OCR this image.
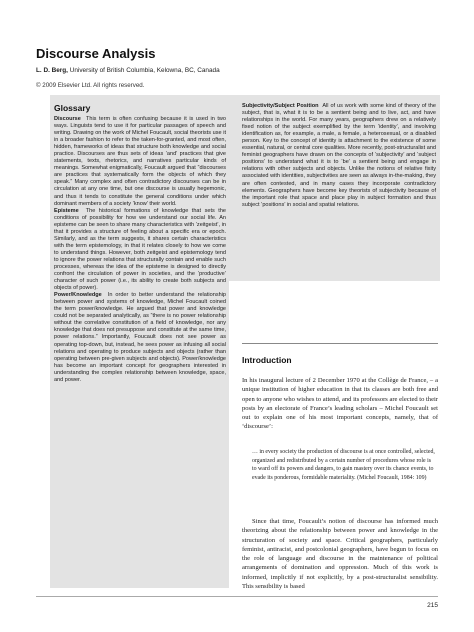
Discourse Analysis
L. D. Berg, University of British Columbia, Kelowna, BC, Canada
© 2009 Elsevier Ltd. All rights reserved.
Glossary

Discourse This term is often confusing because it is used in two ways. Linguists tend to use it for particular passages of speech and writing. Drawing on the work of Michel Foucault, social theorists use it in a broader fashion to refer to the taken-for-granted, and most often, hidden, frameworks of ideas that structure both knowledge and social practice. Discourses are thus sets of ideas ‘and’ practices that give statements, texts, rhetorics, and narratives particular kinds of meanings. Somewhat enigmatically, Foucault argued that “discourses are practices that systematically form the objects of which they speak.” Many complex and often contradictory discourses can be in circulation at any one time, but one discourse is usually hegemonic, and thus it tends to constitute the general conditions under which dominant members of a society ‘know’ their world.

Episteme The historical formations of knowledge that sets the conditions of possibility for how we understand our social life. An episteme can be seen to share many characteristics with ‘zeitgeist’, in that it provides a structure of feeling about a specific era or epoch. Similarly, and as the term suggests, it shares certain characteristics with the term epistemology, in that it relates closely to how we come to understand things. However, both zeitgeist and epistemology tend to ignore the power relations that structurally contain and enable such processes, whereas the idea of the episteme is designed to directly confront the circulation of power in societies, and the ‘productive’ character of such power (i.e., its ability to create both subjects and objects of power).

Power/Knowledge In order to better understand the relationship between power and systems of knowledge, Michel Foucault coined the term power/knowledge. He argued that power and knowledge could not be separated analytically, as “there is no power relationship without the correlative constitution of a field of knowledge, nor any knowledge that does not presuppose and constitute at the same time, power relations.” Importantly, Foucault does not see power as operating top-down, but, instead, he sees power as infusing all social relations and operating to produce subjects and objects (rather than operating between pre-given subjects and objects). Power/knowledge has become an important concept for geographers interested in understanding the complex relationship between knowledge, space, and power.

Subjectivity/Subject Position All of us work with some kind of theory of the subject, that is, what it is to be a sentient being and to live, act, and have relationships in the world. For many years, geographers drew on a relatively fixed notion of the subject exemplified by the term ‘identity’, and involving identification as, for example, a male, a female, a heterosexual, or a disabled person. Key to the concept of identity is attachment to the existence of some essential, natural, or central core qualities. More recently, post-structuralist and feminist geographers have drawn on the concepts of ‘subjectivity’ and ‘subject positions’ to understand what it is to ‘be’ a sentient being and engage in relations with other subjects and objects. Unlike the notions of relative fixity associated with identities, subjectivities are seen as always in-the-making, they are often contested, and in many cases they incorporate contradictory elements. Geographers have become key theorists of subjectivity because of the important role that space and place play in subject formation and thus subject ‘positions’ in social and spatial relations.

Introduction

In his inaugural lecture of 2 December 1970 at the Collège de France, – a unique institution of higher education in that its classes are both free and open to anyone who wishes to attend, and its professors are elected to their posts by an electorate of France’s leading scholars – Michel Foucault set out to explain one of his most important concepts, namely, that of ‘discourse’:

… in every society the production of discourse is at once controlled, selected, organized and redistributed by a certain number of procedures whose role is to ward off its powers and dangers, to gain mastery over its chance events, to evade its ponderous, formidable materiality. (Michel Foucault, 1984: 109)

Since that time, Foucault’s notion of discourse has informed much theorizing about the relationship between power and knowledge in the structuration of society and space. Critical geographers, particularly feminist, antiracist, and postcolonial geographers, have begun to focus on the role of language and discourse in the maintenance of political arrangements of domination and oppression. Much of this work is informed, implicitly if not explicitly, by a post-structuralist sensibility. This sensibility is based

215
